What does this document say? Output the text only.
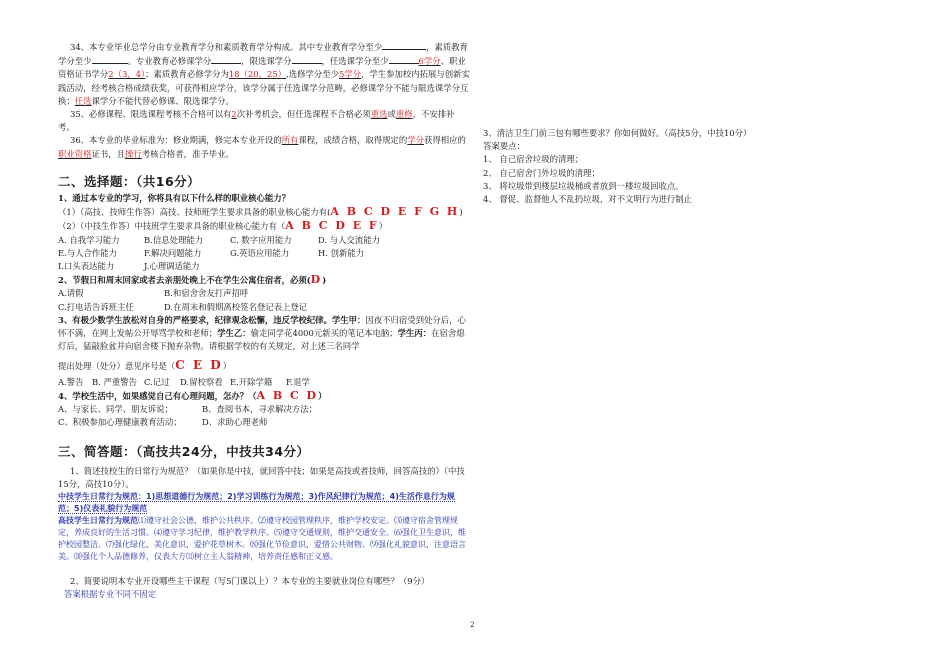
34、本专业毕业总学分由专业教育学分和素质教育学分构成。其中专业教育学分至少	，素质教育学分至少	。专业教育必修课学分	，限选课学分	，任选课学分至少	6学分、职业资格证书学分2（3，4）；素质教育必修学分为18（20，25）,选修学分至少5学分，学生参加校内拓展与创新实践活动，经考核合格成绩获奖，可获得相应学分，该学分属于任选课学分范畴，必修课学分不能与限选课学分互换；任选课学分不能代替必修课、限选课学分。

35、必修课程、限选课程考核不合格可以有2次补考机会，但任选课程不合格必须重选或重修，不安排补考。

36、本专业的毕业标准为：修业期满，修完本专业开设的所有课程，成绩合格，取得规定的学分获得相应的职业资格证书，且操行考核合格者，准予毕业。

二、选择题：（共16分）

1、通过本专业的学习，你将具有以下什么样的职业核心能力？

（1）（高技、技师生作答）高技、技师班学生要求具备的职业核心能力有(A B C D E F G H)

（2）（中技生作答）中技班学生要求具备的职业核心能力有（A B C D E F）

A. 自我学习能力	B.信息处理能力	C. 数字应用能力	D. 与人交流能力

E.与人合作能力	F.解决问题能力	G.英语应用能力	H. 创新能力

I.口头表达能力	J.心理调适能力

2、节假日和周末回家或者去亲朋处晚上不在学生公寓住宿者，必须(D)

A.请假	B.和宿舍舍友打声招呼

C.打电话告诉班主任	D.在周末和假期离校签名登记表上登记

3、有极少数学生放松对自身的严格要求，纪律观念松懈，违反学校纪律。学生甲：因夜不归宿受到处分后，心怀不满，在网上发帖公开辱骂学校和老师；学生乙：偷走同学花4000元新买的笔记本电脑；学生丙：在宿舍熄灯后，猛敲脸盆并向宿舍楼下抛弃杂物。请根据学校的有关规定，对上述三名同学

提出处理（处分）意见序号是（C E D）

A.警告	B. 严重警告 C.记过	D.留校察看 E.开除学籍	F.退学

4、学校生活中，如果感觉自己有心理问题，怎办？（A B C D）

A、与家长、同学、朋友诉说；	B、查阅书本，寻求解决方法；

C、积极参加心理健康教育活动；	D、求助心理老师

三、简答题：（高技共24分，中技共34分）

1、简述技校生的日常行为规范？（如果你是中技，就回答中技；如果是高技或者技师，回答高技的）（中技15分，高技10分）。

中技学生日常行为规范：1)思想道德行为规范；2)学习训练行为规范；3)作风纪律行为规范；4)生活作息行为规范；5)仪表礼貌行为规范

高技学生日常行为规范⑴遵守社会公德，维护公共秩序。⑵遵守校园管理秩序，维护学校安定。⑶遵守宿舍管理规定，养成良好的生活习惯。⑷遵守学习纪律，维护教学秩序。⑸遵守交通规则，维护交通安全。⑹强化卫生意识，维护校园整洁。⑺强化绿化、美化意识，爱护花草树木。⑻强化节俭意识，爱惜公共财物。⑼强化礼貌意识，注意语言美。⑽强化个人品德修养，仪表大方⑾树立主人翁精神，培养责任感和正义感。

2、简要说明本专业开设哪些主干课程（写5门课以上）？本专业的主要就业岗位有哪些？（9分）

答案根据专业不同不固定

3、清洁卫生门前三包有哪些要求？你如何做好。（高技5分，中技10分）

答案要点：

1、 自己宿舍垃圾的清理；

2、 自己宿舍门外垃圾的清理；

3、 将垃圾带到楼层垃圾桶或者放到一楼垃圾回收点。

4、 督促、监督他人不乱扔垃圾，对不文明行为进行制止

2
